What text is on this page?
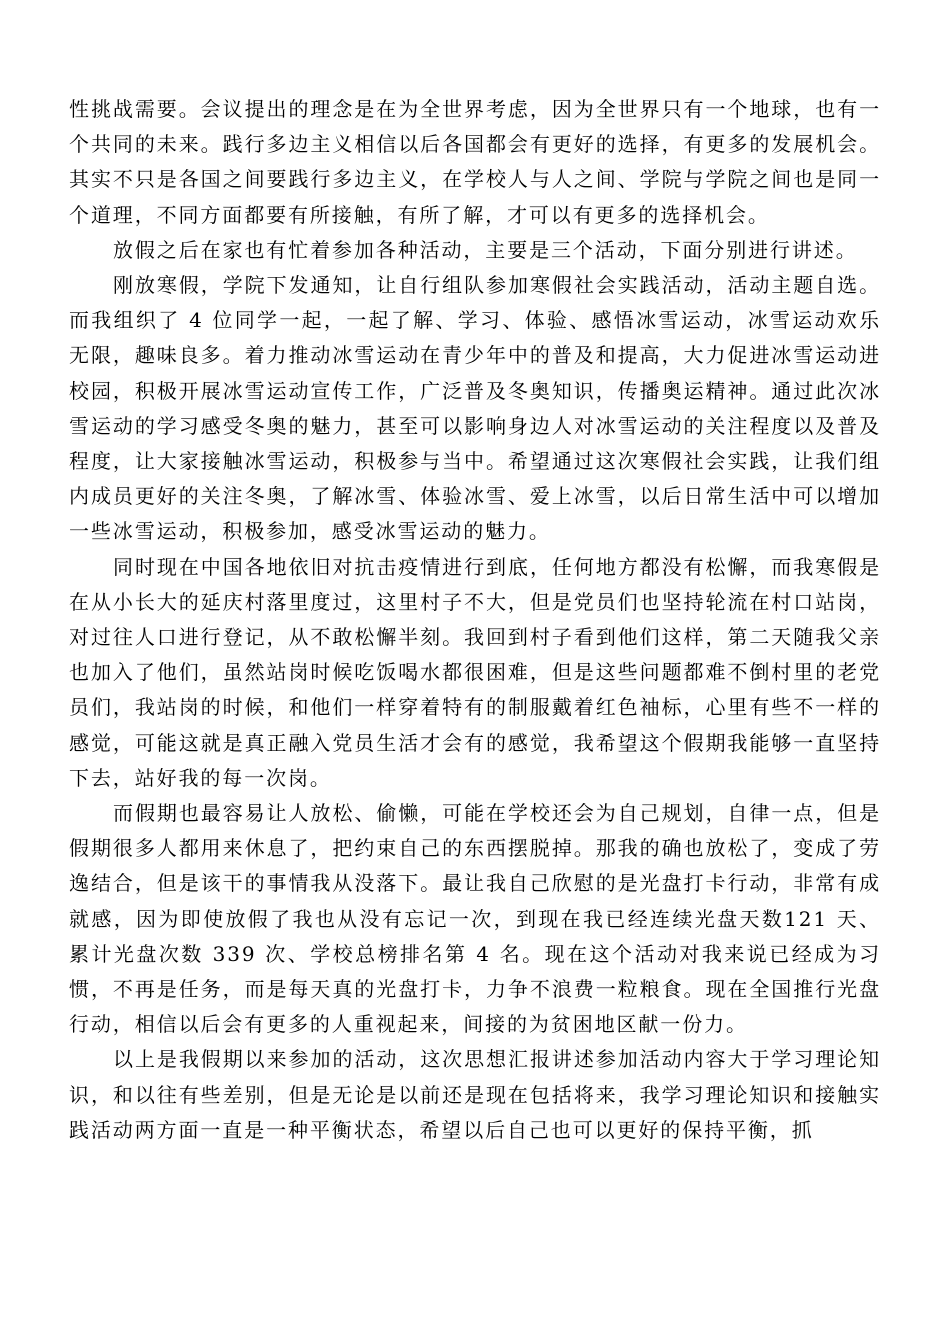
性挑战需要。会议提出的理念是在为全世界考虑，因为全世界只有一个地球，也有一个共同的未来。践行多边主义相信以后各国都会有更好的选择，有更多的发展机会。其实不只是各国之间要践行多边主义，在学校人与人之间、学院与学院之间也是同一个道理，不同方面都要有所接触，有所了解，才可以有更多的选择机会。

放假之后在家也有忙着参加各种活动，主要是三个活动，下面分别进行讲述。

刚放寒假，学院下发通知，让自行组队参加寒假社会实践活动，活动主题自选。而我组织了 4 位同学一起，一起了解、学习、体验、感悟冰雪运动，冰雪运动欢乐无限，趣味良多。着力推动冰雪运动在青少年中的普及和提高，大力促进冰雪运动进校园，积极开展冰雪运动宣传工作，广泛普及冬奥知识，传播奥运精神。通过此次冰雪运动的学习感受冬奥的魅力，甚至可以影响身边人对冰雪运动的关注程度以及普及程度，让大家接触冰雪运动，积极参与当中。希望通过这次寒假社会实践，让我们组内成员更好的关注冬奥，了解冰雪、体验冰雪、爱上冰雪，以后日常生活中可以增加一些冰雪运动，积极参加，感受冰雪运动的魅力。

同时现在中国各地依旧对抗击疫情进行到底，任何地方都没有松懈，而我寒假是在从小长大的延庆村落里度过，这里村子不大，但是党员们也坚持轮流在村口站岗，对过往人口进行登记，从不敢松懈半刻。我回到村子看到他们这样，第二天随我父亲也加入了他们，虽然站岗时候吃饭喝水都很困难，但是这些问题都难不倒村里的老党员们，我站岗的时候，和他们一样穿着特有的制服戴着红色袖标，心里有些不一样的感觉，可能这就是真正融入党员生活才会有的感觉，我希望这个假期我能够一直坚持下去，站好我的每一次岗。

而假期也最容易让人放松、偷懒，可能在学校还会为自己规划，自律一点，但是假期很多人都用来休息了，把约束自己的东西摆脱掉。那我的确也放松了，变成了劳逸结合，但是该干的事情我从没落下。最让我自己欣慰的是光盘打卡行动，非常有成就感，因为即使放假了我也从没有忘记一次，到现在我已经连续光盘天数121 天、累计光盘次数 339 次、学校总榜排名第 4 名。现在这个活动对我来说已经成为习惯，不再是任务，而是每天真的光盘打卡，力争不浪费一粒粮食。现在全国推行光盘行动，相信以后会有更多的人重视起来，间接的为贫困地区献一份力。

以上是我假期以来参加的活动，这次思想汇报讲述参加活动内容大于学习理论知识，和以往有些差别，但是无论是以前还是现在包括将来，我学习理论知识和接触实践活动两方面一直是一种平衡状态，希望以后自己也可以更好的保持平衡，抓
